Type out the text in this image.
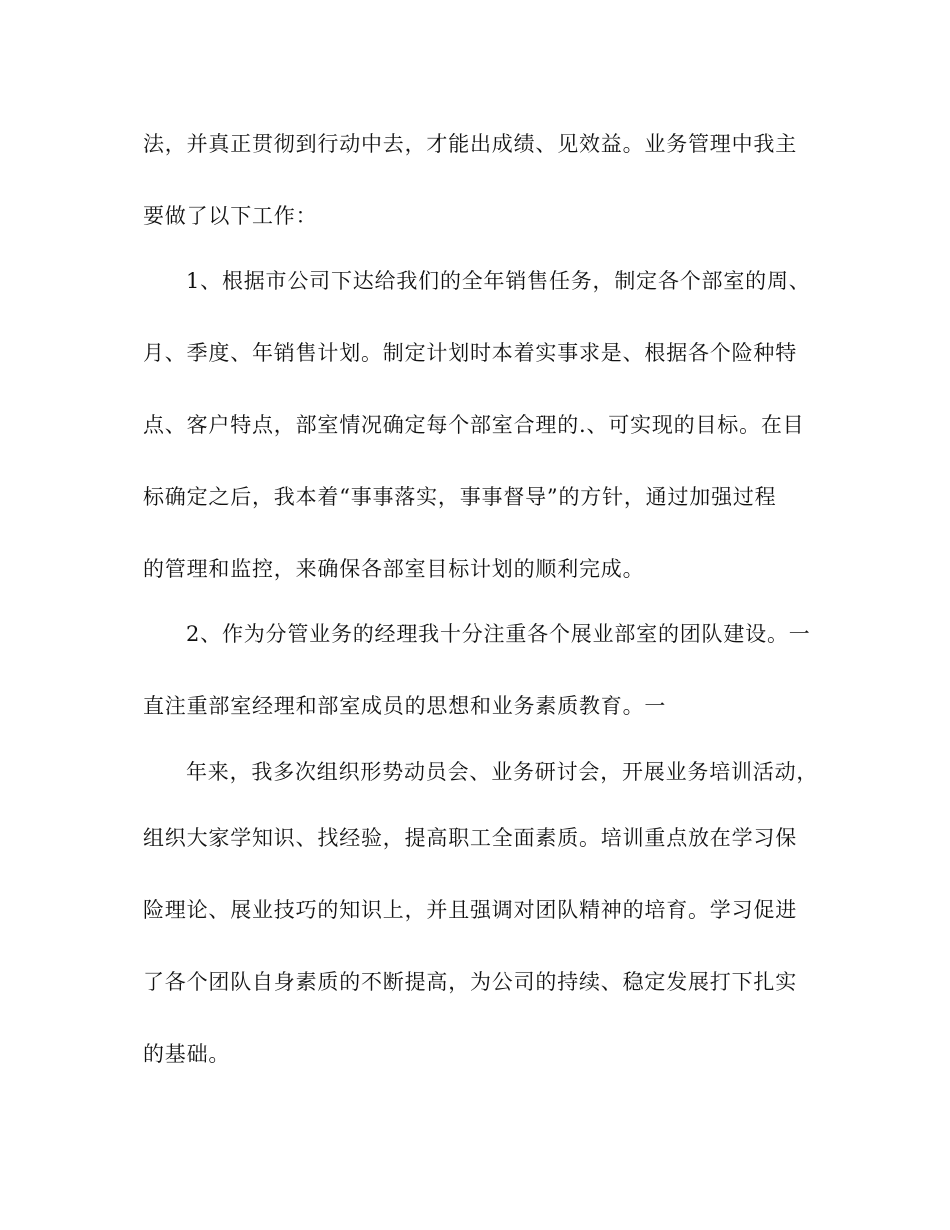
法，并真正贯彻到行动中去，才能出成绩、见效益。业务管理中我主
要做了以下工作：
1、根据市公司下达给我们的全年销售任务，制定各个部室的周、
月、季度、年销售计划。制定计划时本着实事求是、根据各个险种特
点、客户特点，部室情况确定每个部室合理的.、可实现的目标。在目
标确定之后，我本着“事事落实，事事督导”的方针，通过加强过程
的管理和监控，来确保各部室目标计划的顺利完成。
2、作为分管业务的经理我十分注重各个展业部室的团队建设。一
直注重部室经理和部室成员的思想和业务素质教育。一
年来，我多次组织形势动员会、业务研讨会，开展业务培训活动，
组织大家学知识、找经验，提高职工全面素质。培训重点放在学习保
险理论、展业技巧的知识上，并且强调对团队精神的培育。学习促进
了各个团队自身素质的不断提高，为公司的持续、稳定发展打下扎实
的基础。
